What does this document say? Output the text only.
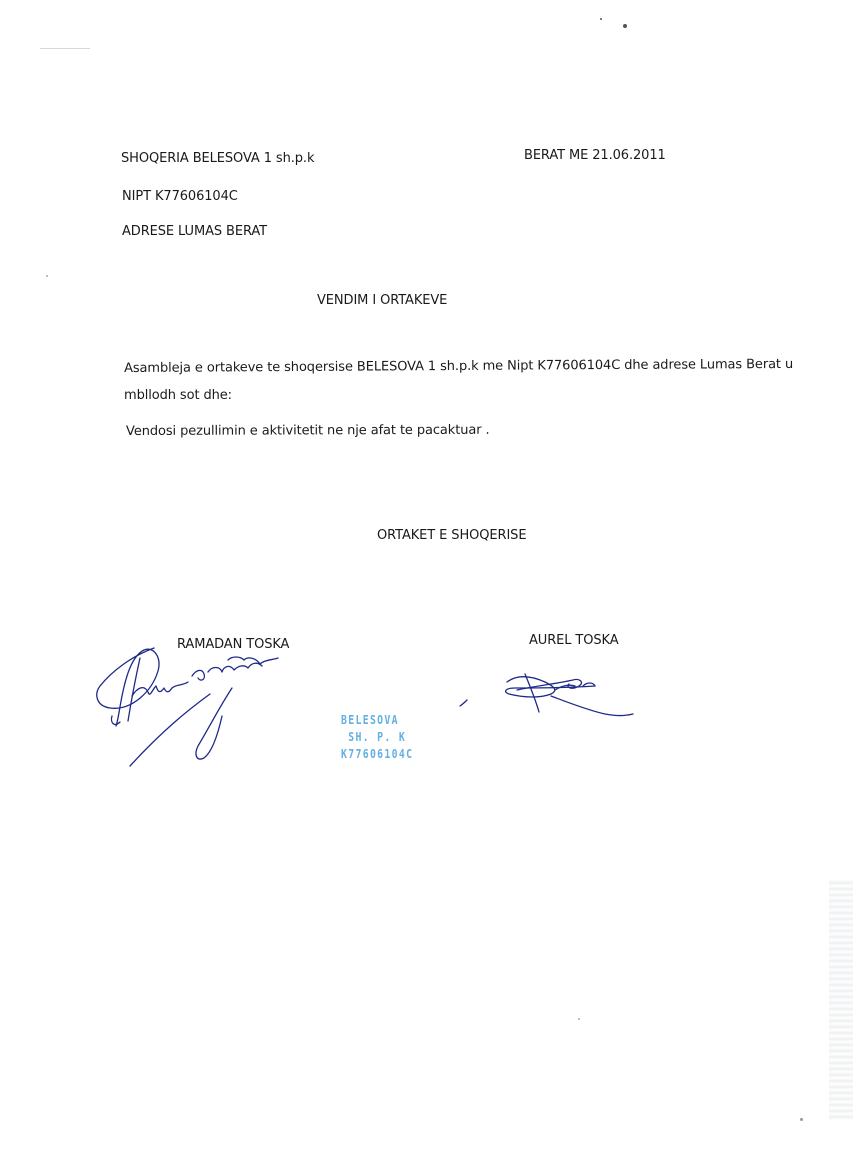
SHOQERIA BELESOVA 1 sh.p.k	BERAT ME 21.06.2011
NIPT K77606104C
ADRESE LUMAS BERAT
VENDIM I ORTAKEVE
Asambleja e ortakeve te shoqersise BELESOVA 1 sh.p.k me Nipt K77606104C dhe adrese Lumas Berat u
mbllodh sot dhe:
Vendosi pezullimin e aktivitetit ne nje afat te pacaktuar .
ORTAKET E SHOQERISE
RAMADAN TOSKA	AUREL TOSKA
BELESOVA
SH. P. K
K77606104C
